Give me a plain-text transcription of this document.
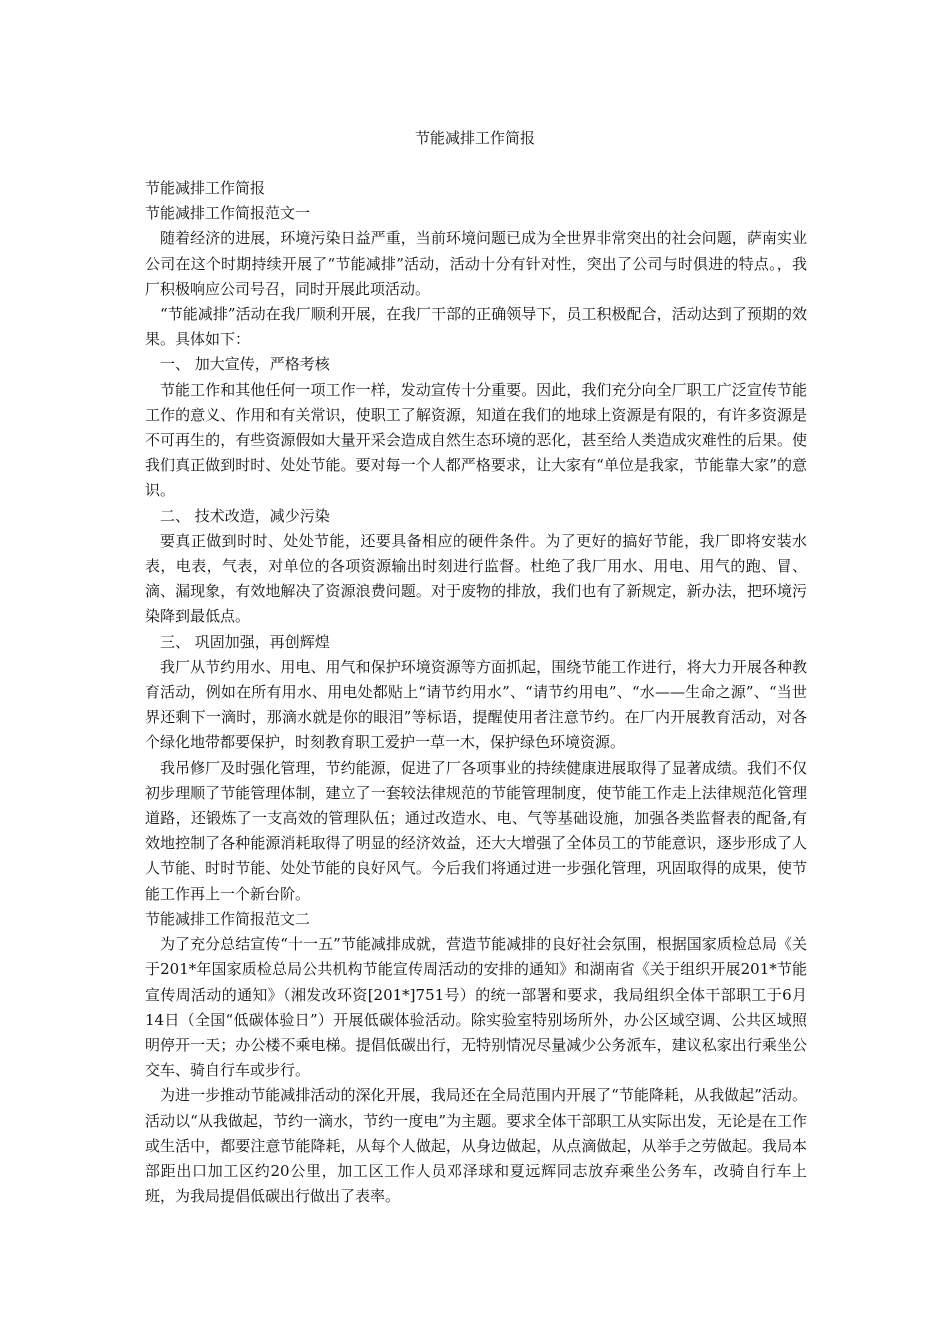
节能减排工作简报

节能减排工作简报

节能减排工作简报范文一

随着经济的进展，环境污染日益严重，当前环境问题已成为全世界非常突出的社会问题，萨南实业公司在这个时期持续开展了“节能减排”活动，活动十分有针对性，突出了公司与时俱进的特点。，我厂积极响应公司号召，同时开展此项活动。

“节能减排”活动在我厂顺利开展，在我厂干部的正确领导下，员工积极配合，活动达到了预期的效果。具体如下：

一、 加大宣传，严格考核

节能工作和其他任何一项工作一样，发动宣传十分重要。因此，我们充分向全厂职工广泛宣传节能工作的意义、作用和有关常识，使职工了解资源，知道在我们的地球上资源是有限的，有许多资源是不可再生的，有些资源假如大量开采会造成自然生态环境的恶化，甚至给人类造成灾难性的后果。使我们真正做到时时、处处节能。要对每一个人都严格要求，让大家有“单位是我家，节能靠大家”的意识。

二、 技术改造，减少污染

要真正做到时时、处处节能，还要具备相应的硬件条件。为了更好的搞好节能，我厂即将安装水表，电表，气表，对单位的各项资源输出时刻进行监督。杜绝了我厂用水、用电、用气的跑、冒、滴、漏现象，有效地解决了资源浪费问题。对于废物的排放，我们也有了新规定，新办法，把环境污染降到最低点。

三、 巩固加强，再创辉煌

我厂从节约用水、用电、用气和保护环境资源等方面抓起，围绕节能工作进行，将大力开展各种教育活动，例如在所有用水、用电处都贴上“请节约用水”、“请节约用电”、“水——生命之源”、“当世界还剩下一滴时，那滴水就是你的眼泪”等标语，提醒使用者注意节约。在厂内开展教育活动，对各个绿化地带都要保护，时刻教育职工爱护一草一木，保护绿色环境资源。

我吊修厂及时强化管理，节约能源，促进了厂各项事业的持续健康进展取得了显著成绩。我们不仅初步理顺了节能管理体制，建立了一套较法律规范的节能管理制度，使节能工作走上法律规范化管理道路，还锻炼了一支高效的管理队伍；通过改造水、电、气等基础设施，加强各类监督表的配备,有效地控制了各种能源消耗取得了明显的经济效益，还大大增强了全体员工的节能意识，逐步形成了人人节能、时时节能、处处节能的良好风气。今后我们将通过进一步强化管理，巩固取得的成果，使节能工作再上一个新台阶。

节能减排工作简报范文二

为了充分总结宣传“十一五”节能减排成就，营造节能减排的良好社会氛围，根据国家质检总局《关于201*年国家质检总局公共机构节能宣传周活动的安排的通知》和湖南省《关于组织开展201*节能宣传周活动的通知》（湘发改环资[201*]751号）的统一部署和要求，我局组织全体干部职工于6月14日（全国“低碳体验日”）开展低碳体验活动。除实验室特别场所外，办公区域空调、公共区域照明停开一天；办公楼不乘电梯。提倡低碳出行，无特别情况尽量减少公务派车，建议私家出行乘坐公交车、骑自行车或步行。

为进一步推动节能减排活动的深化开展，我局还在全局范围内开展了“节能降耗，从我做起”活动。活动以“从我做起，节约一滴水，节约一度电”为主题。要求全体干部职工从实际出发，无论是在工作或生活中，都要注意节能降耗，从每个人做起，从身边做起，从点滴做起，从举手之劳做起。我局本部距出口加工区约20公里，加工区工作人员邓泽球和夏远辉同志放弃乘坐公务车，改骑自行车上班，为我局提倡低碳出行做出了表率。
